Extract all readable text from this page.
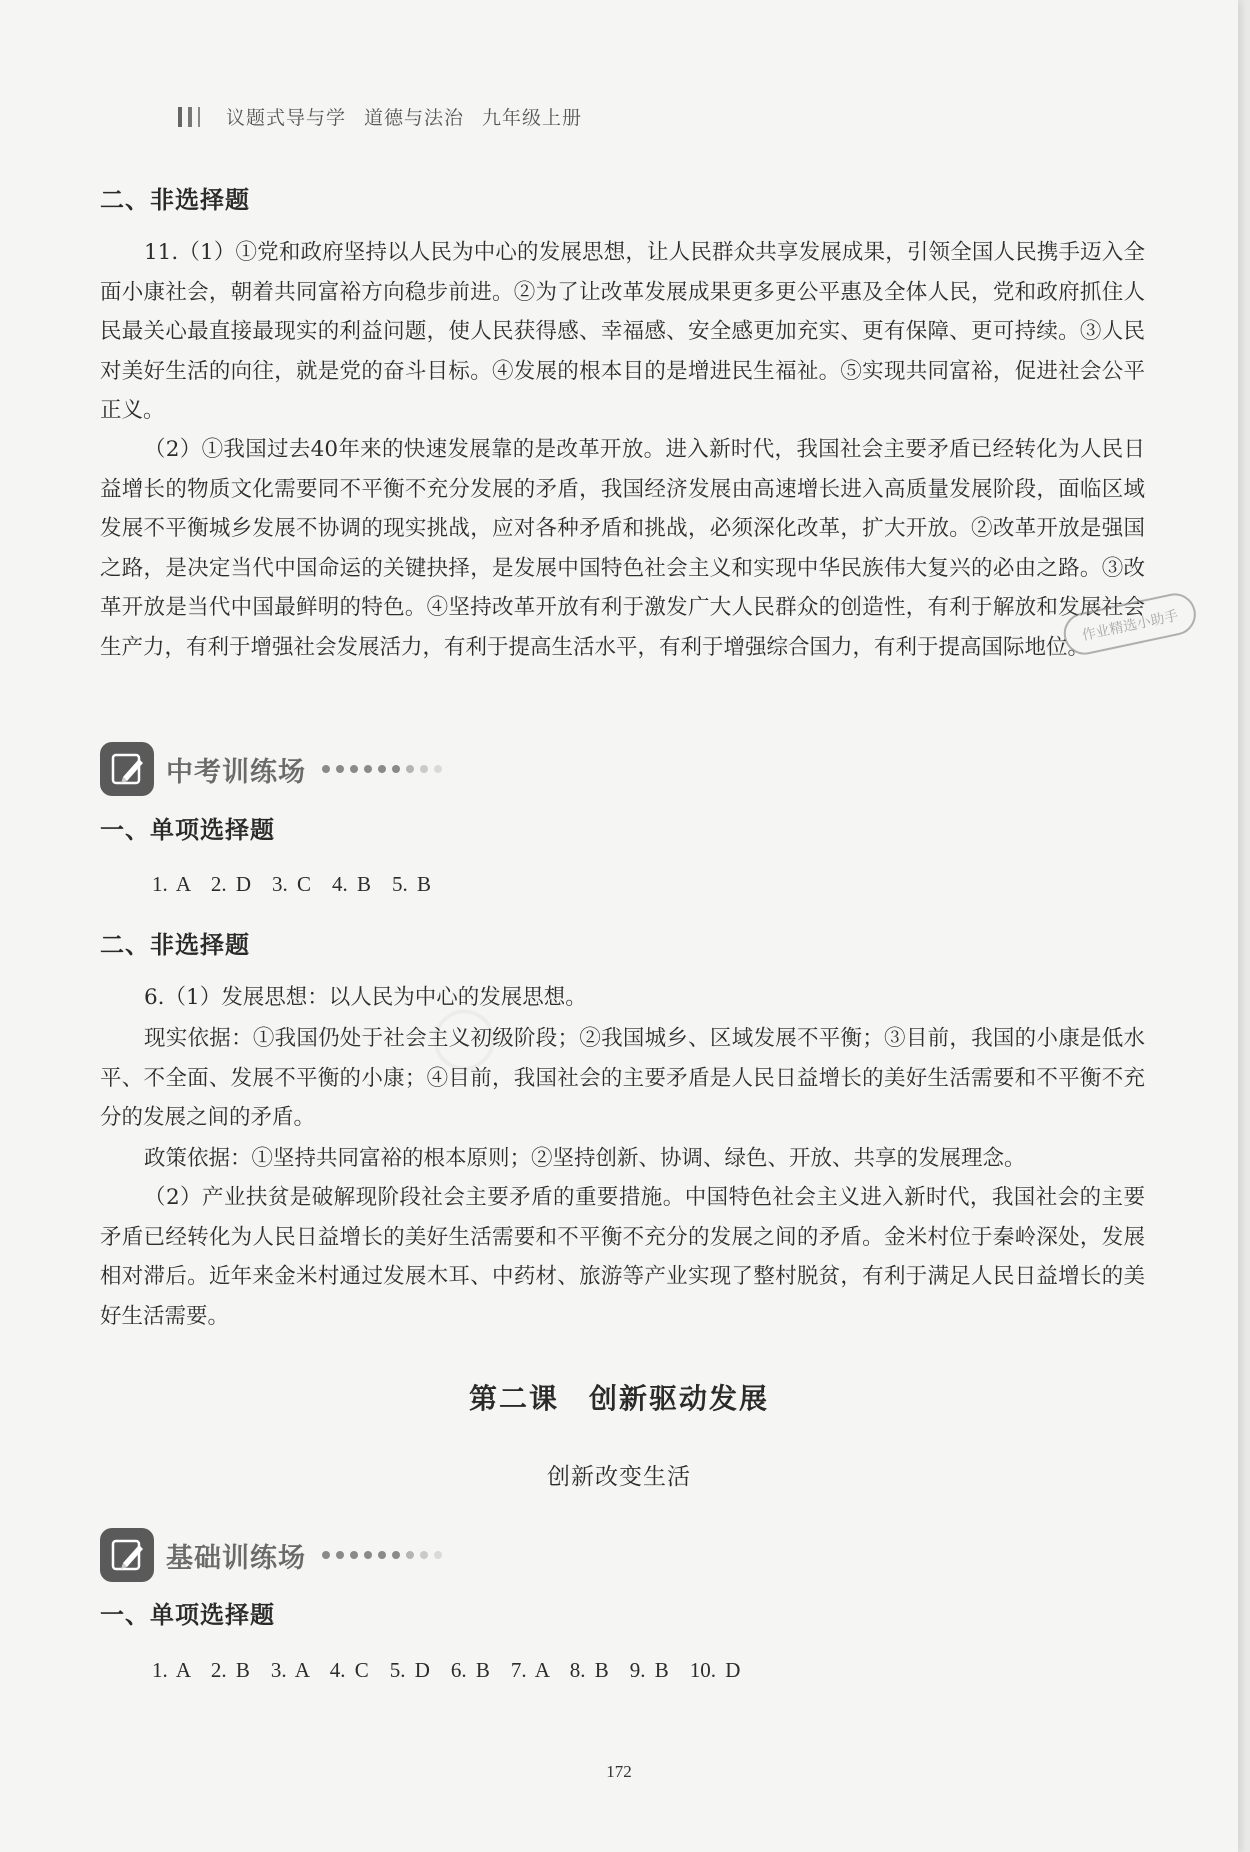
议题式导与学 道德与法治 九年级上册
二、非选择题
11.（1）①党和政府坚持以人民为中心的发展思想，让人民群众共享发展成果，引领全国人民携手迈入全面小康社会，朝着共同富裕方向稳步前进。②为了让改革发展成果更多更公平惠及全体人民，党和政府抓住人民最关心最直接最现实的利益问题，使人民获得感、幸福感、安全感更加充实、更有保障、更可持续。③人民对美好生活的向往，就是党的奋斗目标。④发展的根本目的是增进民生福祉。⑤实现共同富裕，促进社会公平正义。
（2）①我国过去40年来的快速发展靠的是改革开放。进入新时代，我国社会主要矛盾已经转化为人民日益增长的物质文化需要同不平衡不充分发展的矛盾，我国经济发展由高速增长进入高质量发展阶段，面临区域发展不平衡城乡发展不协调的现实挑战，应对各种矛盾和挑战，必须深化改革，扩大开放。②改革开放是强国之路，是决定当代中国命运的关键抉择，是发展中国特色社会主义和实现中华民族伟大复兴的必由之路。③改革开放是当代中国最鲜明的特色。④坚持改革开放有利于激发广大人民群众的创造性，有利于解放和发展社会生产力，有利于增强社会发展活力，有利于提高生活水平，有利于增强综合国力，有利于提高国际地位。
中考训练场
一、单项选择题
1. A　2. D　3. C　4. B　5. B
二、非选择题
6.（1）发展思想：以人民为中心的发展思想。
现实依据：①我国仍处于社会主义初级阶段；②我国城乡、区域发展不平衡；③目前，我国的小康是低水平、不全面、发展不平衡的小康；④目前，我国社会的主要矛盾是人民日益增长的美好生活需要和不平衡不充分的发展之间的矛盾。
政策依据：①坚持共同富裕的根本原则；②坚持创新、协调、绿色、开放、共享的发展理念。
（2）产业扶贫是破解现阶段社会主要矛盾的重要措施。中国特色社会主义进入新时代，我国社会的主要矛盾已经转化为人民日益增长的美好生活需要和不平衡不充分的发展之间的矛盾。金米村位于秦岭深处，发展相对滞后。近年来金米村通过发展木耳、中药材、旅游等产业实现了整村脱贫，有利于满足人民日益增长的美好生活需要。
第二课　创新驱动发展
创新改变生活
基础训练场
一、单项选择题
1. A　2. B　3. A　4. C　5. D　6. B　7. A　8. B　9. B　10. D
作业精选小助手
172
